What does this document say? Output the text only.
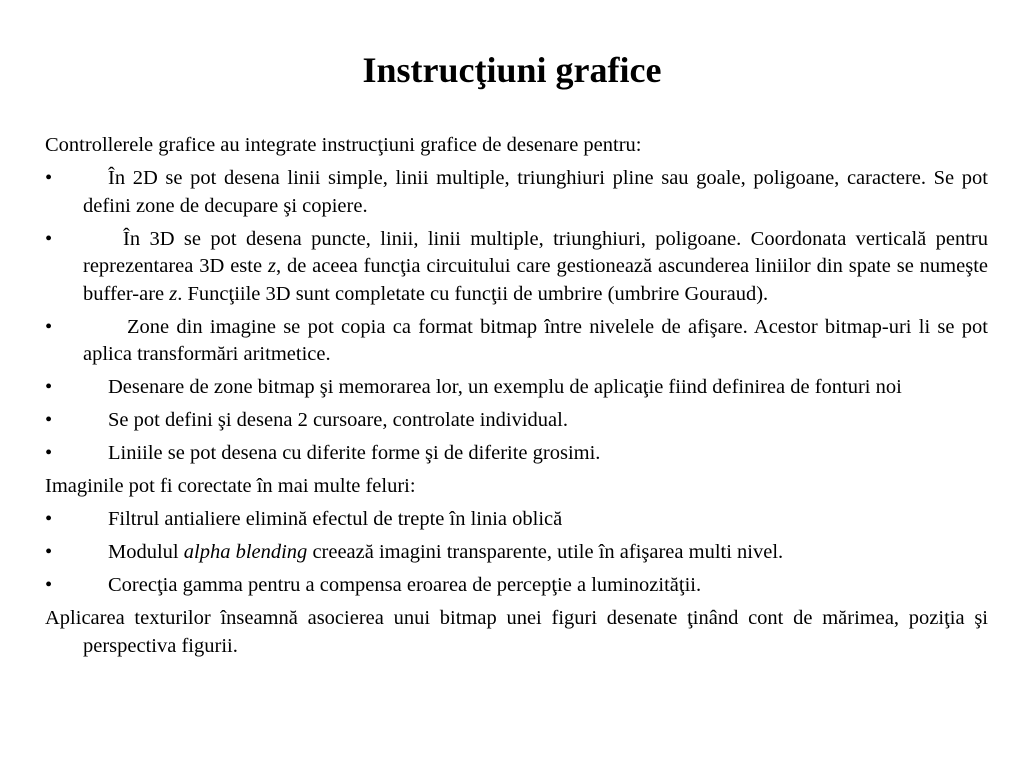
Instrucţiuni grafice

Controllerele grafice au integrate instrucţiuni grafice de desenare pentru:

•	În 2D se pot desena linii simple, linii multiple, triunghiuri pline sau goale, poligoane, caractere. Se pot defini zone de decupare şi copiere.
•	În 3D se pot desena puncte, linii, linii multiple, triunghiuri, poligoane. Coordonata verticală pentru reprezentarea 3D este z, de aceea funcţia circuitului care gestionează ascunderea liniilor din spate se numeşte buffer-are z. Funcţiile 3D sunt completate cu funcţii de umbrire (umbrire Gouraud).
•	Zone din imagine se pot copia ca format bitmap între nivelele de afişare. Acestor bitmap-uri li se pot aplica transformări aritmetice.
•	Desenare de zone bitmap şi memorarea lor, un exemplu de aplicaţie fiind definirea de fonturi noi
•	Se pot defini şi desena 2 cursoare, controlate individual.
•	Liniile se pot desena cu diferite forme şi de diferite grosimi.

Imaginile pot fi corectate în mai multe feluri:

•	Filtrul antialiere elimină efectul de trepte în linia oblică
•	Modulul alpha blending creează imagini transparente, utile în afişarea multi nivel.
•	Corecţia gamma pentru a compensa eroarea de percepţie a luminozităţii.

Aplicarea texturilor înseamnă asocierea unui bitmap unei figuri desenate ţinând cont de mărimea, poziţia şi perspectiva figurii.
